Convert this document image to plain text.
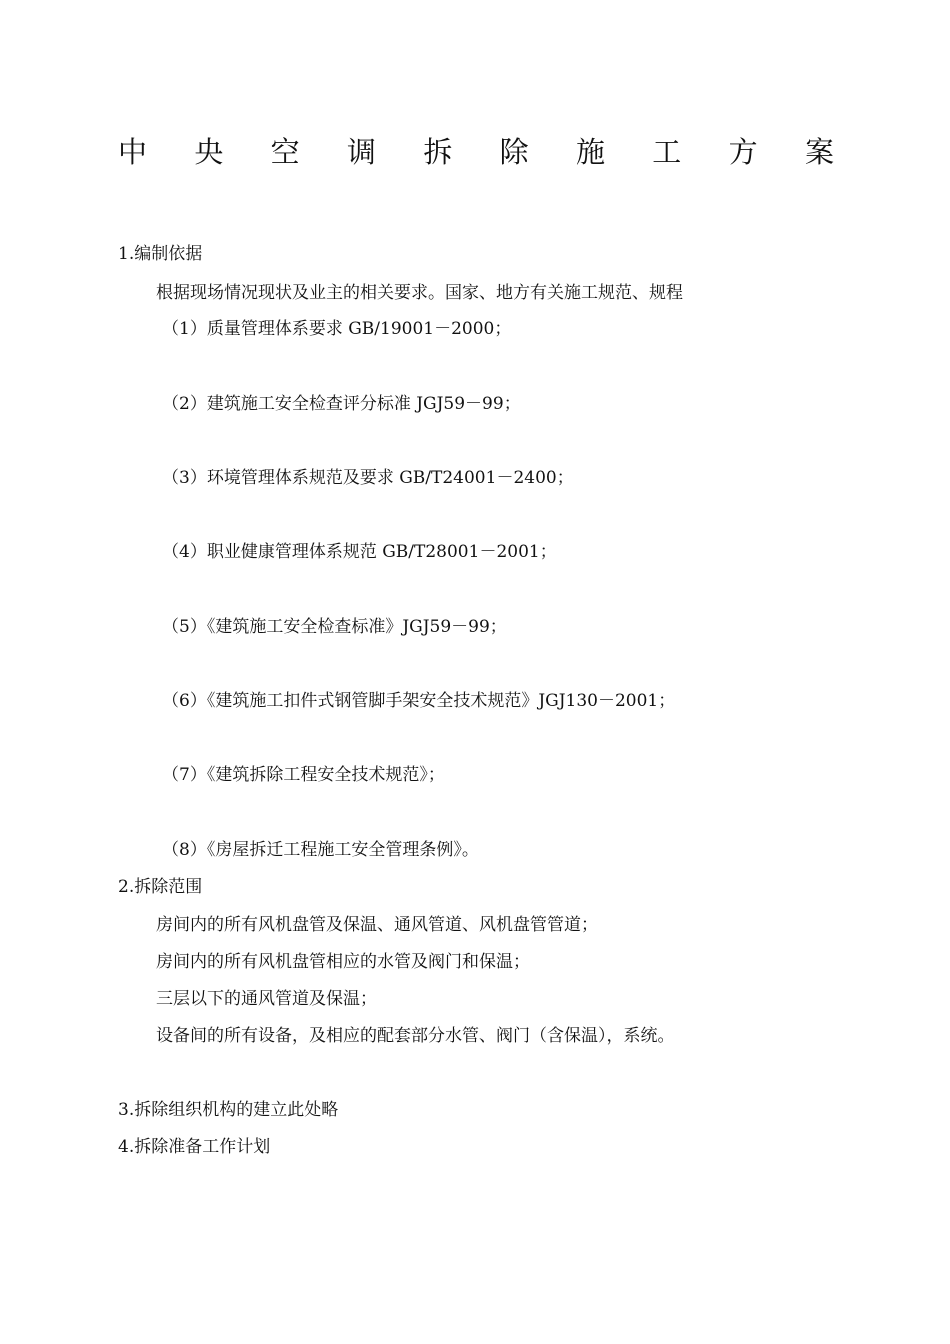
中 央 空 调 拆 除 施 工 方 案
1.编制依据
根据现场情况现状及业主的相关要求。国家、地方有关施工规范、规程
（1）质量管理体系要求 GB/19001－2000；
（2）建筑施工安全检查评分标准 JGJ59－99；
（3）环境管理体系规范及要求 GB/T24001－2400；
（4）职业健康管理体系规范 GB/T28001－2001；
（5）《建筑施工安全检查标准》JGJ59－99；
（6）《建筑施工扣件式钢管脚手架安全技术规范》JGJ130－2001；
（7）《建筑拆除工程安全技术规范》；
（8）《房屋拆迁工程施工安全管理条例》。
2.拆除范围
房间内的所有风机盘管及保温、通风管道、风机盘管管道；
房间内的所有风机盘管相应的水管及阀门和保温；
三层以下的通风管道及保温；
设备间的所有设备，及相应的配套部分水管、阀门（含保温），系统。
3.拆除组织机构的建立此处略
4.拆除准备工作计划
